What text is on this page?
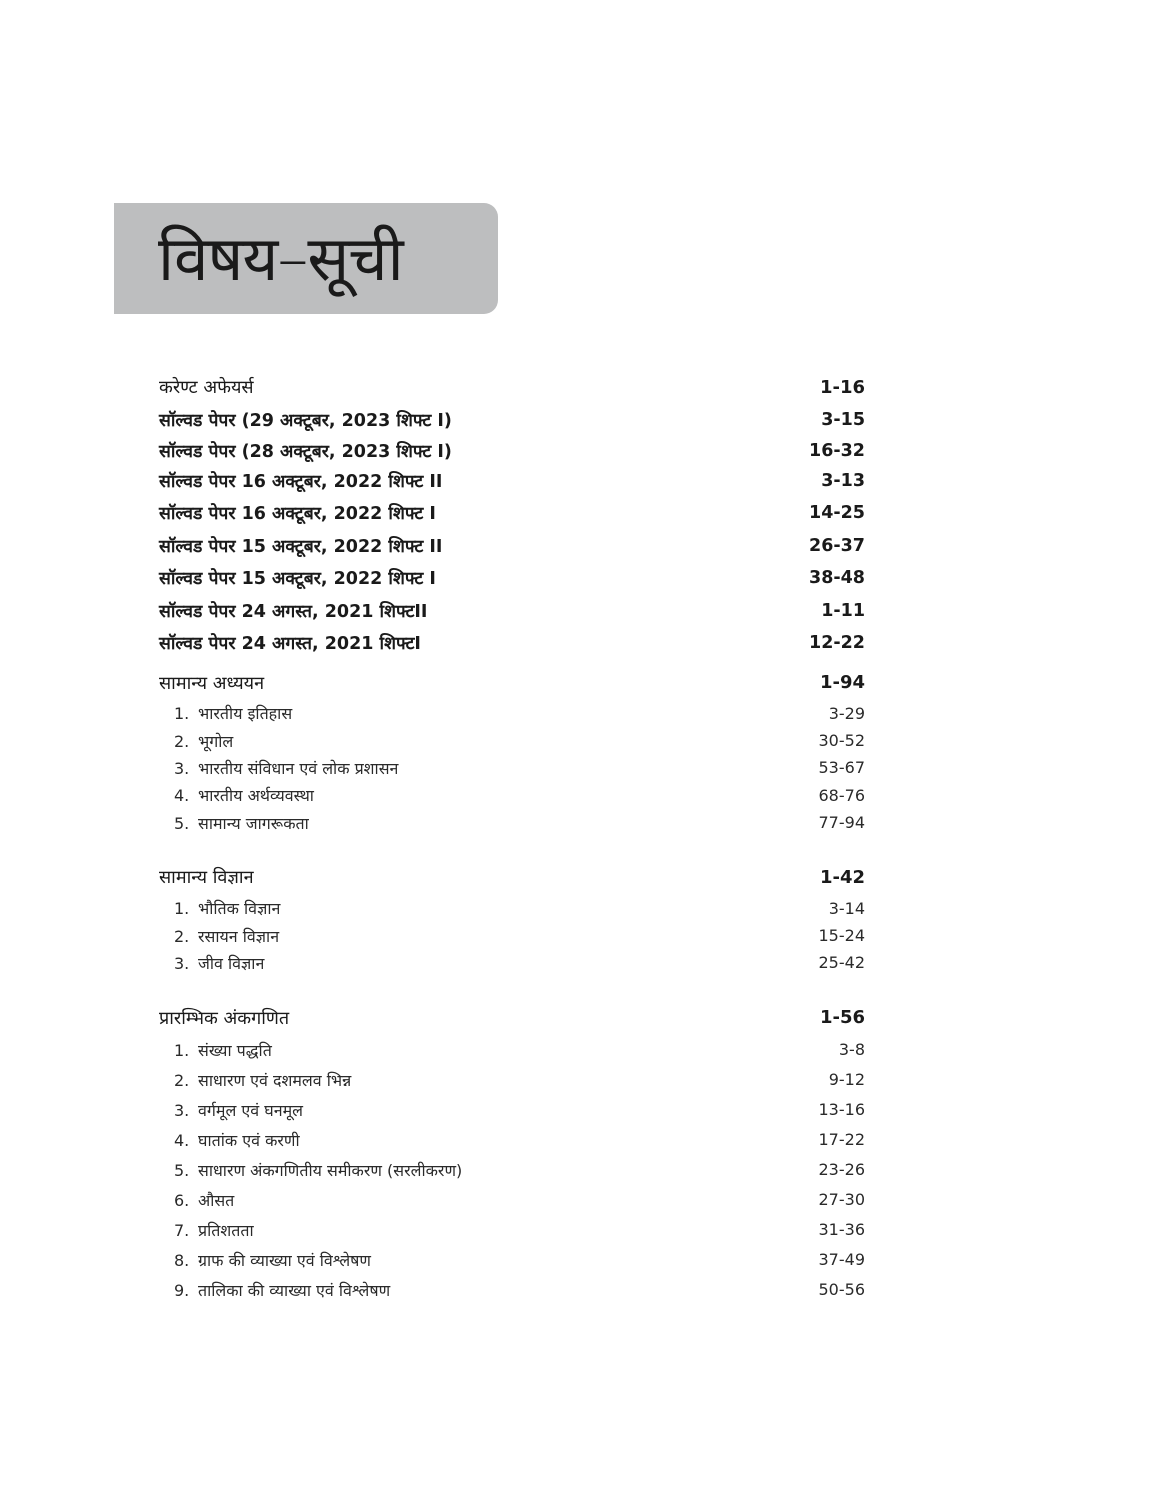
विषय–सूची
करेण्ट अफेयर्स	1-16
सॉल्वड पेपर (29 अक्टूबर, 2023 शिफ्ट I)	3-15
सॉल्वड पेपर (28 अक्टूबर, 2023 शिफ्ट I)	16-32
सॉल्वड पेपर 16 अक्टूबर, 2022 शिफ्ट II	3-13
सॉल्वड पेपर 16 अक्टूबर, 2022 शिफ्ट I	14-25
सॉल्वड पेपर 15 अक्टूबर, 2022 शिफ्ट II	26-37
सॉल्वड पेपर 15 अक्टूबर, 2022 शिफ्ट I	38-48
सॉल्वड पेपर 24 अगस्त, 2021 शिफ्टII	1-11
सॉल्वड पेपर 24 अगस्त, 2021 शिफ्टI	12-22
सामान्य अध्ययन	1-94
1. भारतीय इतिहास	3-29
2. भूगोल	30-52
3. भारतीय संविधान एवं लोक प्रशासन	53-67
4. भारतीय अर्थव्यवस्था	68-76
5. सामान्य जागरूकता	77-94
सामान्य विज्ञान	1-42
1. भौतिक विज्ञान	3-14
2. रसायन विज्ञान	15-24
3. जीव विज्ञान	25-42
प्रारम्भिक अंकगणित	1-56
1. संख्या पद्धति	3-8
2. साधारण एवं दशमलव भिन्न	9-12
3. वर्गमूल एवं घनमूल	13-16
4. घातांक एवं करणी	17-22
5. साधारण अंकगणितीय समीकरण (सरलीकरण)	23-26
6. औसत	27-30
7. प्रतिशतता	31-36
8. ग्राफ की व्याख्या एवं विश्लेषण	37-49
9. तालिका की व्याख्या एवं विश्लेषण	50-56
